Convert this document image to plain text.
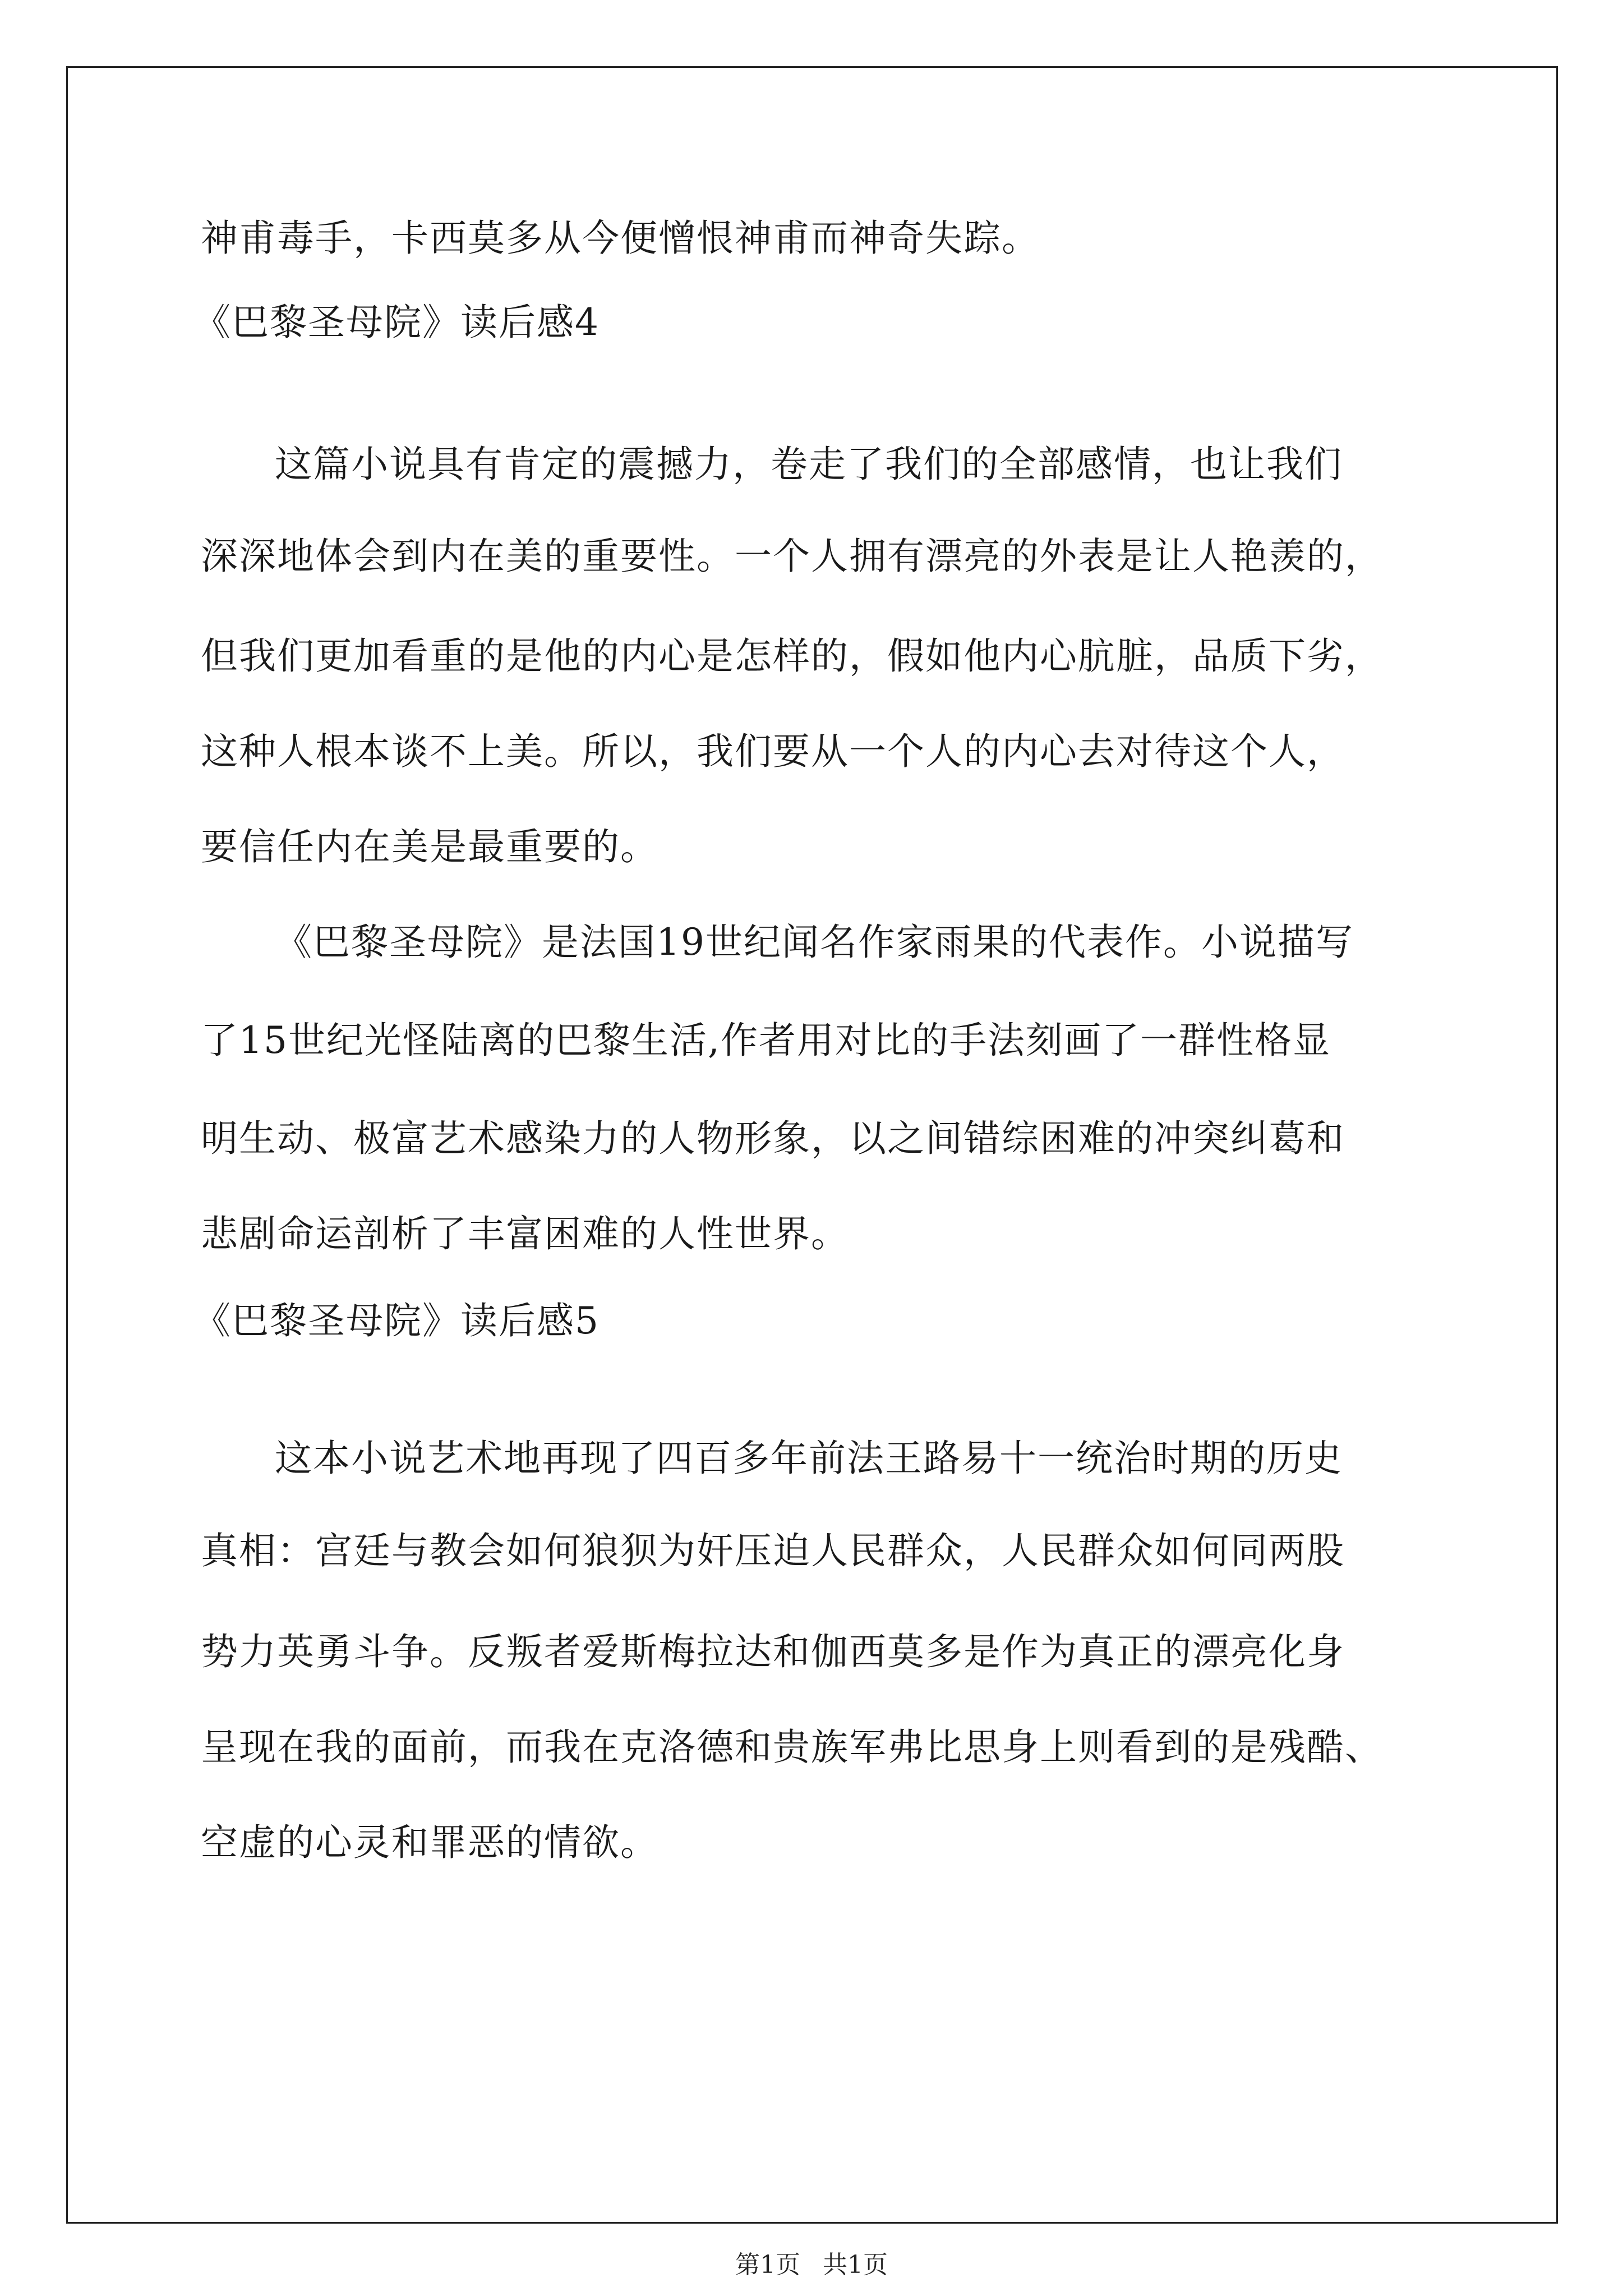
神甫毒手，卡西莫多从今便憎恨神甫而神奇失踪。
《巴黎圣母院》读后感4
这篇小说具有肯定的震撼力，卷走了我们的全部感情，也让我们
深深地体会到内在美的重要性。一个人拥有漂亮的外表是让人艳羡的，
但我们更加看重的是他的内心是怎样的，假如他内心肮脏，品质下劣，
这种人根本谈不上美。所以，我们要从一个人的内心去对待这个人，
要信任内在美是最重要的。
《巴黎圣母院》是法国19世纪闻名作家雨果的代表作。小说描写
了15世纪光怪陆离的巴黎生活,作者用对比的手法刻画了一群性格显
明生动、极富艺术感染力的人物形象，以之间错综困难的冲突纠葛和
悲剧命运剖析了丰富困难的人性世界。
《巴黎圣母院》读后感5
这本小说艺术地再现了四百多年前法王路易十一统治时期的历史
真相：宫廷与教会如何狼狈为奸压迫人民群众，人民群众如何同两股
势力英勇斗争。反叛者爱斯梅拉达和伽西莫多是作为真正的漂亮化身
呈现在我的面前，而我在克洛德和贵族军弗比思身上则看到的是残酷、
空虚的心灵和罪恶的情欲。
第1页 共1页
